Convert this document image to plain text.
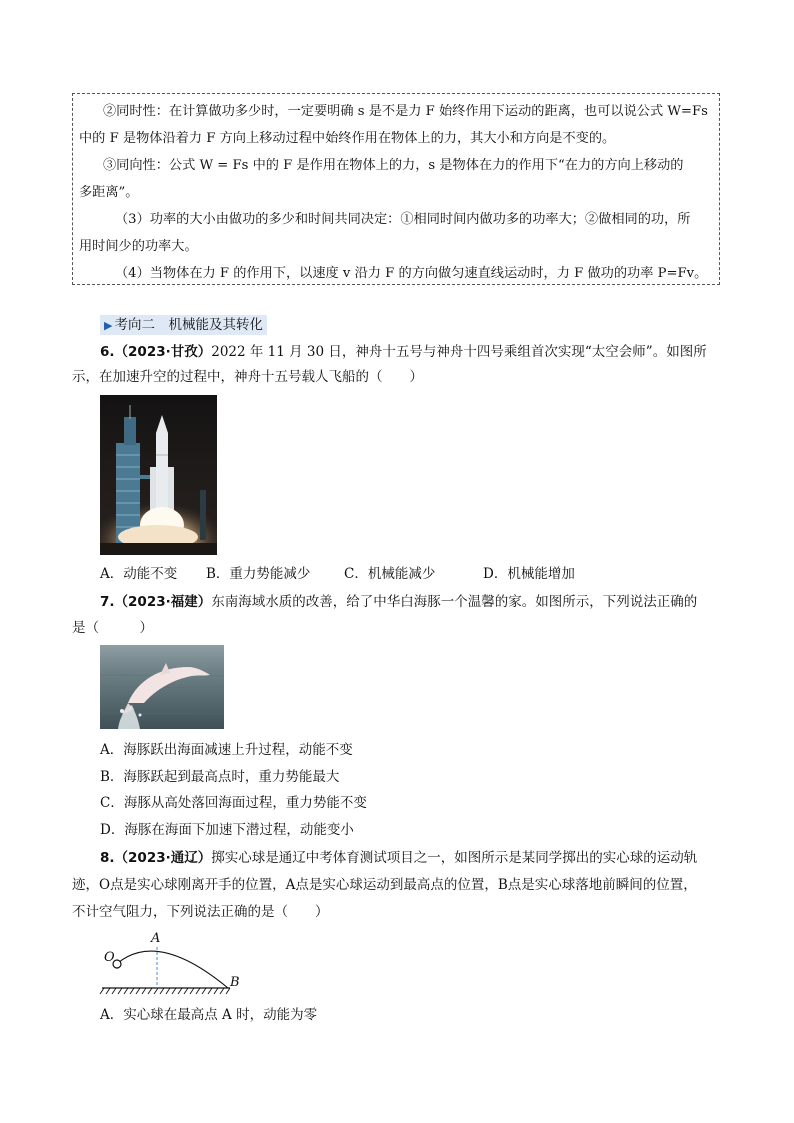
②同时性：在计算做功多少时，一定要明确 s 是不是力 F 始终作用下运动的距离，也可以说公式 W=Fs
中的 F 是物体沿着力 F 方向上移动过程中始终作用在物体上的力，其大小和方向是不变的。
③同向性：公式 W = Fs 中的 F 是作用在物体上的力，s 是物体在力的作用下“在力的方向上移动的
多距离”。
（3）功率的大小由做功的多少和时间共同决定：①相同时间内做功多的功率大；②做相同的功，所
用时间少的功率大。
（4）当物体在力 F 的作用下，以速度 v 沿力 F 的方向做匀速直线运动时，力 F 做功的功率 P=Fv。
▶ 考向二　机械能及其转化
6.（2023·甘孜）2022 年 11 月 30 日，神舟十五号与神舟十四号乘组首次实现“太空会师”。如图所
示，在加速升空的过程中，神舟十五号载人飞船的（　　）
A．动能不变 B．重力势能减少 C．机械能减少	D．机械能增加
7.（2023·福建）东南海域水质的改善，给了中华白海豚一个温馨的家。如图所示，下列说法正确的
是（　　　）
A．海豚跃出海面减速上升过程，动能不变
B．海豚跃起到最高点时，重力势能最大
C．海豚从高处落回海面过程，重力势能不变
D．海豚在海面下加速下潜过程，动能变小
8.（2023·通辽）掷实心球是通辽中考体育测试项目之一，如图所示是某同学掷出的实心球的运动轨
迹，O点是实心球刚离开手的位置，A点是实心球运动到最高点的位置，B点是实心球落地前瞬间的位置，
不计空气阻力，下列说法正确的是（　　）
O
A
B
A．实心球在最高点 A 时，动能为零
